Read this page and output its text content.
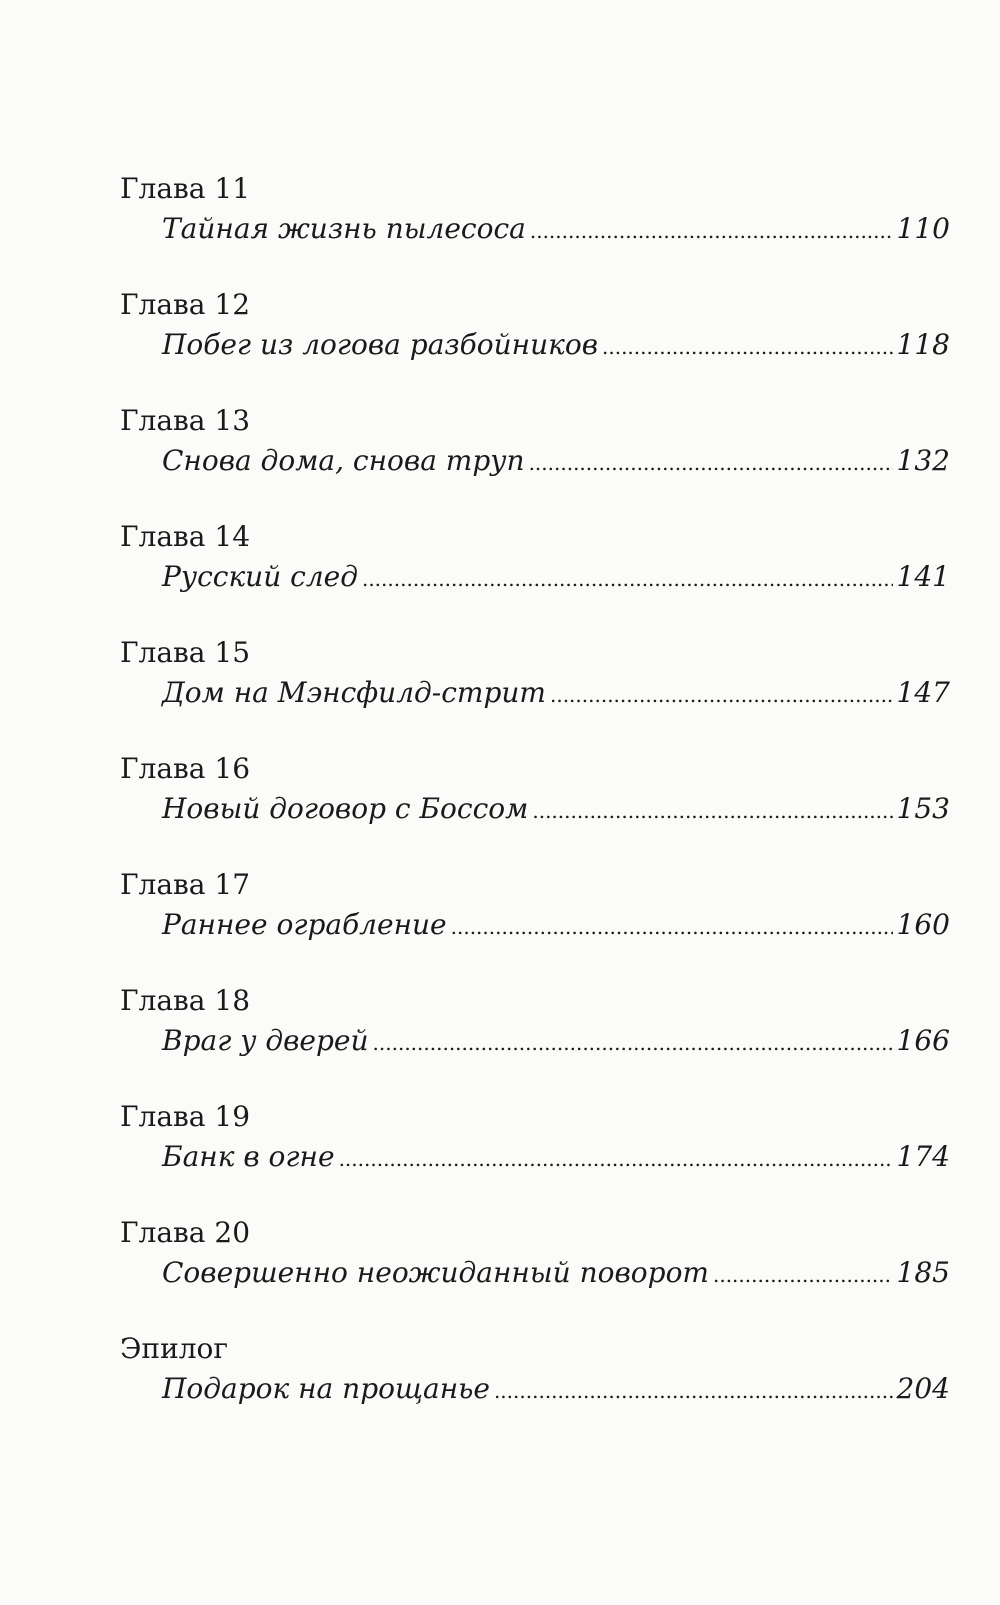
Глава 11
Тайная жизнь пылесоса .....	110
Глава 12
Побег из логова разбойников .....	118
Глава 13
Снова дома, снова труп .....	132
Глава 14
Русский след .....	141
Глава 15
Дом на Мэнсфилд-стрит .....	147
Глава 16
Новый договор с Боссом .....	153
Глава 17
Раннее ограбление .....	160
Глава 18
Враг у дверей .....	166
Глава 19
Банк в огне .....	174
Глава 20
Совершенно неожиданный поворот .....	185
Эпилог
Подарок на прощанье .....	204
